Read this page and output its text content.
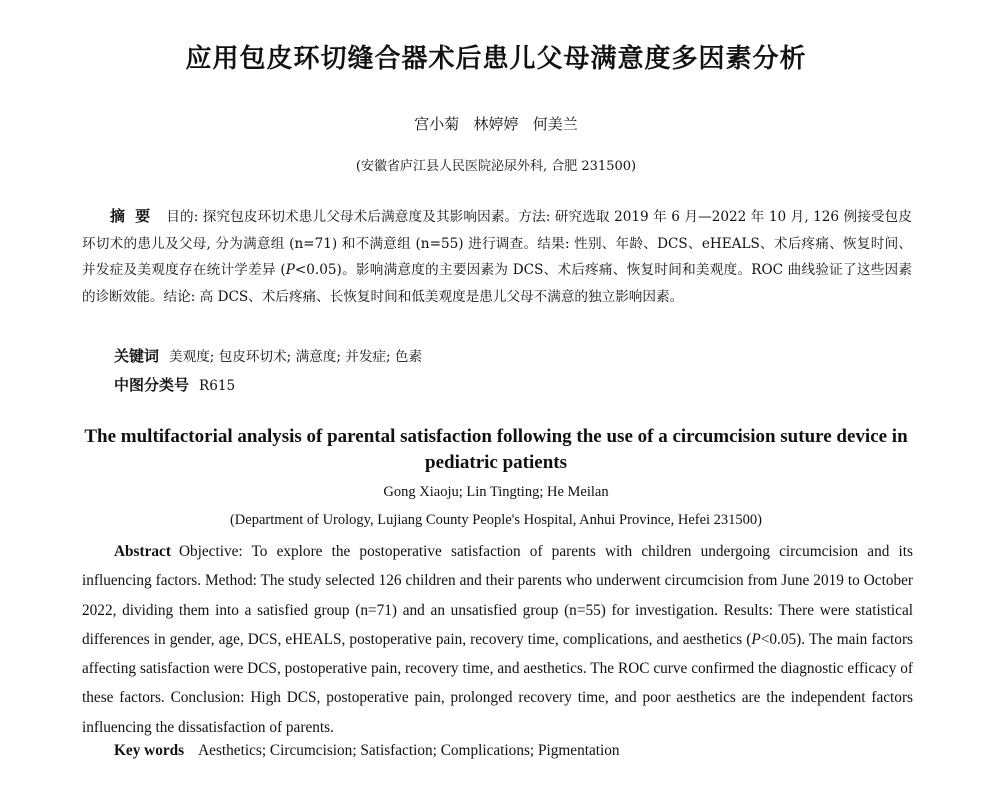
应用包皮环切缝合器术后患儿父母满意度多因素分析
宫小菊   林婷婷   何美兰
(安徽省庐江县人民医院泌尿外科, 合肥 231500)

摘要 目的: 探究包皮环切术患儿父母术后满意度及其影响因素。方法: 研究选取 2019 年 6 月—2022 年 10 月, 126 例接受包皮环切术的患儿及父母, 分为满意组 (n=71) 和不满意组 (n=55) 进行调查。结果: 性别、年龄、DCS、eHEALS、术后疼痛、恢复时间、并发症及美观度存在统计学差异 (P<0.05)。影响满意度的主要因素为 DCS、术后疼痛、恢复时间和美观度。ROC 曲线验证了这些因素的诊断效能。结论: 高 DCS、术后疼痛、长恢复时间和低美观度是患儿父母不满意的独立影响因素。

关键词 美观度; 包皮环切术; 满意度; 并发症; 色素
中图分类号 R615
The multifactorial analysis of parental satisfaction following the use of a circumcision suture device in pediatric patients
Gong Xiaoju; Lin Tingting; He Meilan
(Department of Urology, Lujiang County People's Hospital, Anhui Province, Hefei 231500)

Abstract Objective: To explore the postoperative satisfaction of parents with children undergoing circumcision and its influencing factors. Method: The study selected 126 children and their parents who underwent circumcision from June 2019 to October 2022, dividing them into a satisfied group (n=71) and an unsatisfied group (n=55) for investigation. Results: There were statistical differences in gender, age, DCS, eHEALS, postoperative pain, recovery time, complications, and aesthetics (P<0.05). The main factors affecting satisfaction were DCS, postoperative pain, recovery time, and aesthetics. The ROC curve confirmed the diagnostic efficacy of these factors. Conclusion: High DCS, postoperative pain, prolonged recovery time, and poor aesthetics are the independent factors influencing the dissatisfaction of parents.

Key words Aesthetics; Circumcision; Satisfaction; Complications; Pigmentation
